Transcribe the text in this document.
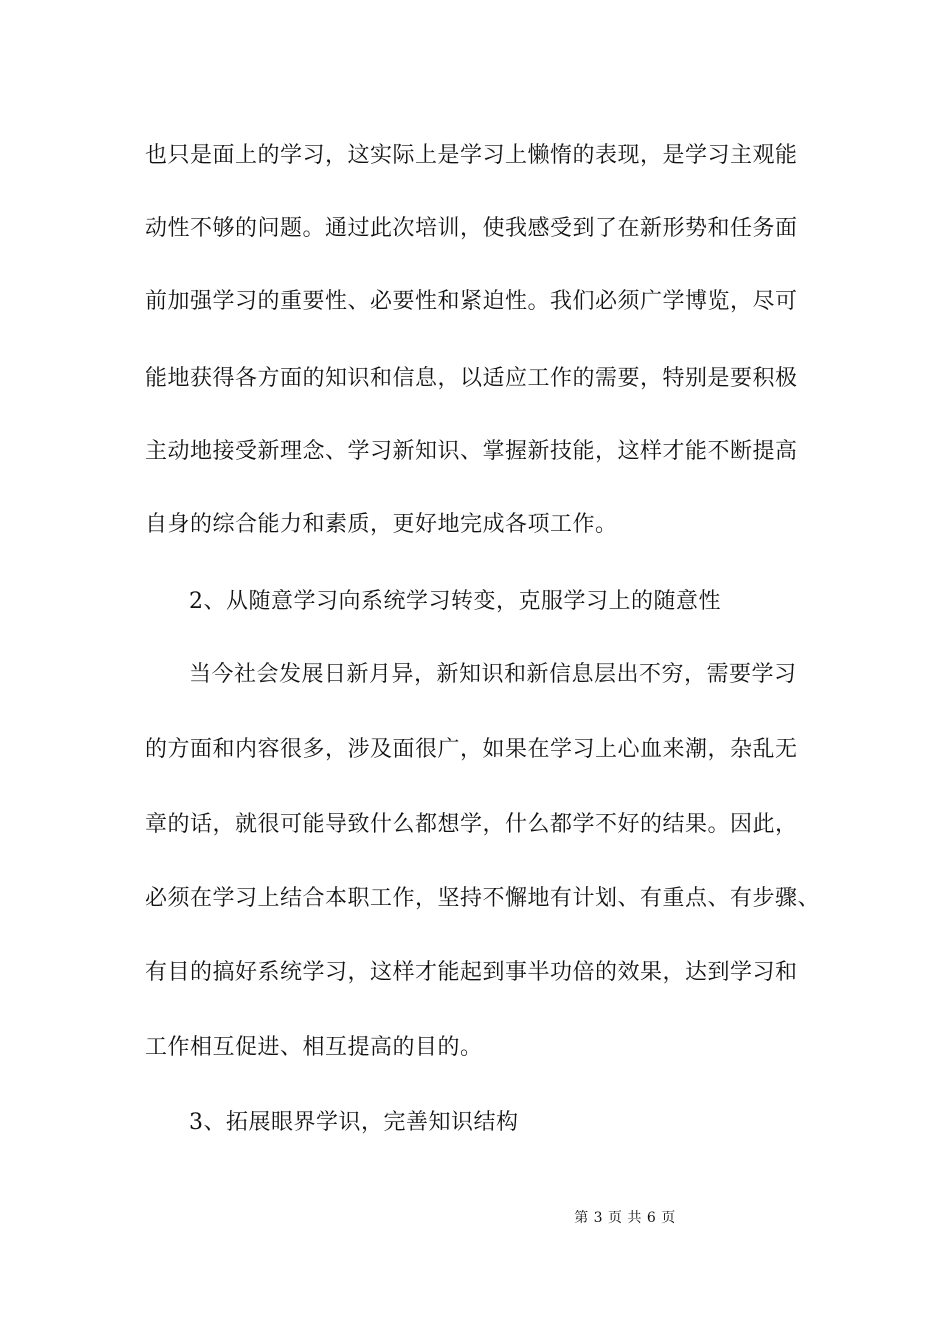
也只是面上的学习，这实际上是学习上懒惰的表现，是学习主观能
动性不够的问题。通过此次培训，使我感受到了在新形势和任务面
前加强学习的重要性、必要性和紧迫性。我们必须广学博览，尽可
能地获得各方面的知识和信息，以适应工作的需要，特别是要积极
主动地接受新理念、学习新知识、掌握新技能，这样才能不断提高
自身的综合能力和素质，更好地完成各项工作。
2、从随意学习向系统学习转变，克服学习上的随意性
当今社会发展日新月异，新知识和新信息层出不穷，需要学习
的方面和内容很多，涉及面很广，如果在学习上心血来潮，杂乱无
章的话，就很可能导致什么都想学，什么都学不好的结果。因此，
必须在学习上结合本职工作，坚持不懈地有计划、有重点、有步骤、
有目的搞好系统学习，这样才能起到事半功倍的效果，达到学习和
工作相互促进、相互提高的目的。
3、拓展眼界学识，完善知识结构
第 3 页 共 6 页
